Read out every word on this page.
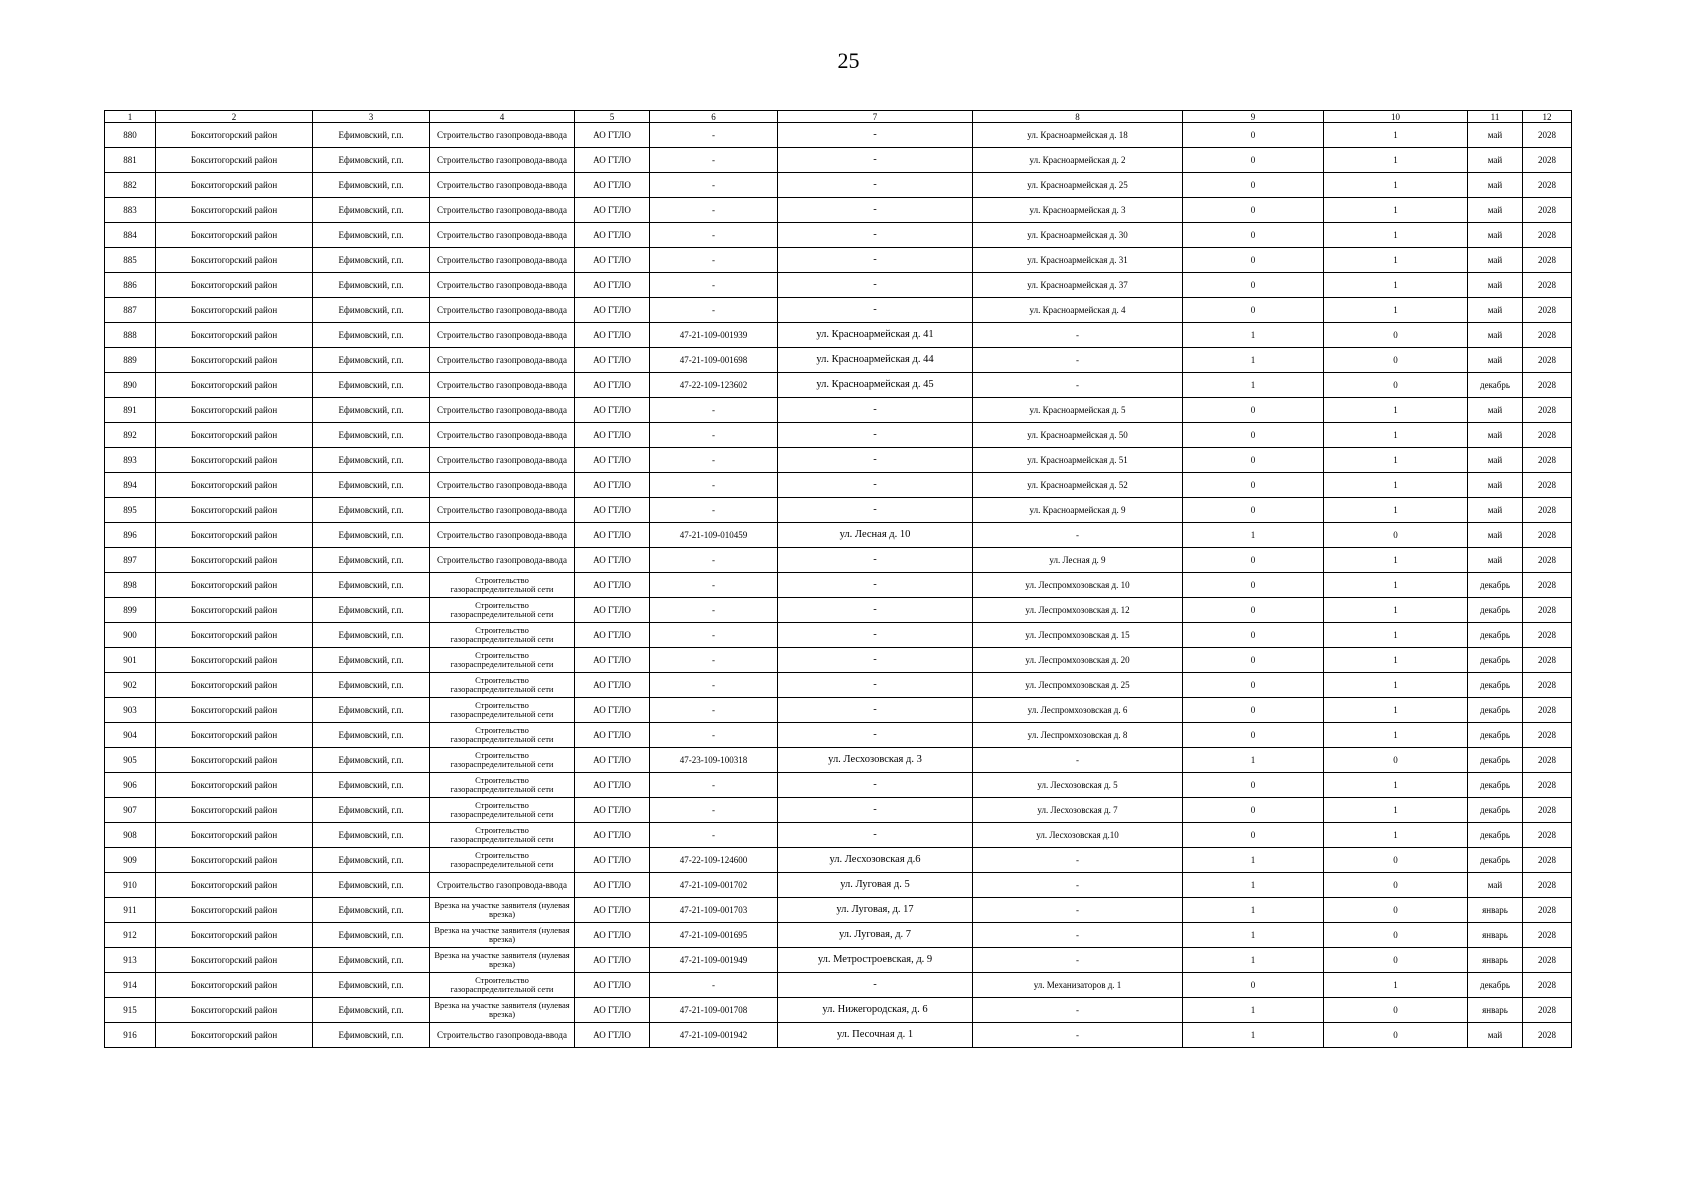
25
1	2	3	4	5	6	7	8	9	10	11	12
880	Бокситогорский район	Ефимовский, г.п.	Строительство газопровода-ввода	АО ГТЛО	-	-	ул. Красноармейская д. 18	0	1	май	2028
881	Бокситогорский район	Ефимовский, г.п.	Строительство газопровода-ввода	АО ГТЛО	-	-	ул. Красноармейская д. 2	0	1	май	2028
882	Бокситогорский район	Ефимовский, г.п.	Строительство газопровода-ввода	АО ГТЛО	-	-	ул. Красноармейская д. 25	0	1	май	2028
883	Бокситогорский район	Ефимовский, г.п.	Строительство газопровода-ввода	АО ГТЛО	-	-	ул. Красноармейская д. 3	0	1	май	2028
884	Бокситогорский район	Ефимовский, г.п.	Строительство газопровода-ввода	АО ГТЛО	-	-	ул. Красноармейская д. 30	0	1	май	2028
885	Бокситогорский район	Ефимовский, г.п.	Строительство газопровода-ввода	АО ГТЛО	-	-	ул. Красноармейская д. 31	0	1	май	2028
886	Бокситогорский район	Ефимовский, г.п.	Строительство газопровода-ввода	АО ГТЛО	-	-	ул. Красноармейская д. 37	0	1	май	2028
887	Бокситогорский район	Ефимовский, г.п.	Строительство газопровода-ввода	АО ГТЛО	-	-	ул. Красноармейская д. 4	0	1	май	2028
888	Бокситогорский район	Ефимовский, г.п.	Строительство газопровода-ввода	АО ГТЛО	47-21-109-001939	ул. Красноармейская д. 41	-	1	0	май	2028
889	Бокситогорский район	Ефимовский, г.п.	Строительство газопровода-ввода	АО ГТЛО	47-21-109-001698	ул. Красноармейская д. 44	-	1	0	май	2028
890	Бокситогорский район	Ефимовский, г.п.	Строительство газопровода-ввода	АО ГТЛО	47-22-109-123602	ул. Красноармейская д. 45	-	1	0	декабрь	2028
891	Бокситогорский район	Ефимовский, г.п.	Строительство газопровода-ввода	АО ГТЛО	-	-	ул. Красноармейская д. 5	0	1	май	2028
892	Бокситогорский район	Ефимовский, г.п.	Строительство газопровода-ввода	АО ГТЛО	-	-	ул. Красноармейская д. 50	0	1	май	2028
893	Бокситогорский район	Ефимовский, г.п.	Строительство газопровода-ввода	АО ГТЛО	-	-	ул. Красноармейская д. 51	0	1	май	2028
894	Бокситогорский район	Ефимовский, г.п.	Строительство газопровода-ввода	АО ГТЛО	-	-	ул. Красноармейская д. 52	0	1	май	2028
895	Бокситогорский район	Ефимовский, г.п.	Строительство газопровода-ввода	АО ГТЛО	-	-	ул. Красноармейская д. 9	0	1	май	2028
896	Бокситогорский район	Ефимовский, г.п.	Строительство газопровода-ввода	АО ГТЛО	47-21-109-010459	ул. Лесная д. 10	-	1	0	май	2028
897	Бокситогорский район	Ефимовский, г.п.	Строительство газопровода-ввода	АО ГТЛО	-	-	ул. Лесная д. 9	0	1	май	2028
898	Бокситогорский район	Ефимовский, г.п.	Строительство газораспределительной сети	АО ГТЛО	-	-	ул. Леспромхозовская д. 10	0	1	декабрь	2028
899	Бокситогорский район	Ефимовский, г.п.	Строительство газораспределительной сети	АО ГТЛО	-	-	ул. Леспромхозовская д. 12	0	1	декабрь	2028
900	Бокситогорский район	Ефимовский, г.п.	Строительство газораспределительной сети	АО ГТЛО	-	-	ул. Леспромхозовская д. 15	0	1	декабрь	2028
901	Бокситогорский район	Ефимовский, г.п.	Строительство газораспределительной сети	АО ГТЛО	-	-	ул. Леспромхозовская д. 20	0	1	декабрь	2028
902	Бокситогорский район	Ефимовский, г.п.	Строительство газораспределительной сети	АО ГТЛО	-	-	ул. Леспромхозовская д. 25	0	1	декабрь	2028
903	Бокситогорский район	Ефимовский, г.п.	Строительство газораспределительной сети	АО ГТЛО	-	-	ул. Леспромхозовская д. 6	0	1	декабрь	2028
904	Бокситогорский район	Ефимовский, г.п.	Строительство газораспределительной сети	АО ГТЛО	-	-	ул. Леспромхозовская д. 8	0	1	декабрь	2028
905	Бокситогорский район	Ефимовский, г.п.	Строительство газораспределительной сети	АО ГТЛО	47-23-109-100318	ул. Лесхозовская д. 3	-	1	0	декабрь	2028
906	Бокситогорский район	Ефимовский, г.п.	Строительство газораспределительной сети	АО ГТЛО	-	-	ул. Лесхозовская д. 5	0	1	декабрь	2028
907	Бокситогорский район	Ефимовский, г.п.	Строительство газораспределительной сети	АО ГТЛО	-	-	ул. Лесхозовская д. 7	0	1	декабрь	2028
908	Бокситогорский район	Ефимовский, г.п.	Строительство газораспределительной сети	АО ГТЛО	-	-	ул. Лесхозовская д.10	0	1	декабрь	2028
909	Бокситогорский район	Ефимовский, г.п.	Строительство газораспределительной сети	АО ГТЛО	47-22-109-124600	ул. Лесхозовская д.6	-	1	0	декабрь	2028
910	Бокситогорский район	Ефимовский, г.п.	Строительство газопровода-ввода	АО ГТЛО	47-21-109-001702	ул. Луговая д. 5	-	1	0	май	2028
911	Бокситогорский район	Ефимовский, г.п.	Врезка на участке заявителя (нулевая врезка)	АО ГТЛО	47-21-109-001703	ул. Луговая, д. 17	-	1	0	январь	2028
912	Бокситогорский район	Ефимовский, г.п.	Врезка на участке заявителя (нулевая врезка)	АО ГТЛО	47-21-109-001695	ул. Луговая, д. 7	-	1	0	январь	2028
913	Бокситогорский район	Ефимовский, г.п.	Врезка на участке заявителя (нулевая врезка)	АО ГТЛО	47-21-109-001949	ул. Метростроевская, д. 9	-	1	0	январь	2028
914	Бокситогорский район	Ефимовский, г.п.	Строительство газораспределительной сети	АО ГТЛО	-	-	ул. Механизаторов д. 1	0	1	декабрь	2028
915	Бокситогорский район	Ефимовский, г.п.	Врезка на участке заявителя (нулевая врезка)	АО ГТЛО	47-21-109-001708	ул. Нижегородская, д. 6	-	1	0	январь	2028
916	Бокситогорский район	Ефимовский, г.п.	Строительство газопровода-ввода	АО ГТЛО	47-21-109-001942	ул. Песочная д. 1	-	1	0	май	2028
